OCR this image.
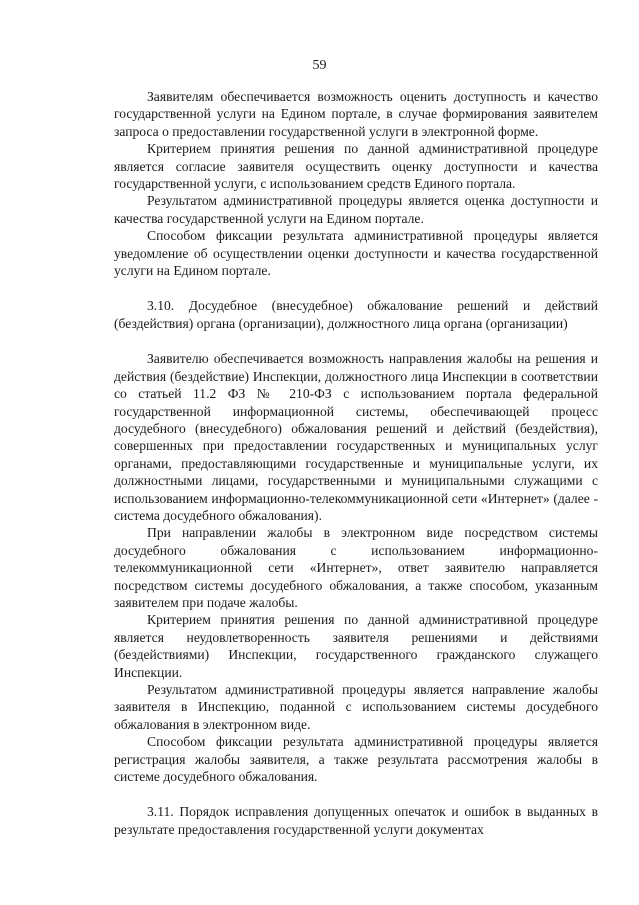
59

Заявителям обеспечивается возможность оценить доступность и качество государственной услуги на Едином портале, в случае формирования заявителем запроса о предоставлении государственной услуги в электронной форме.

Критерием принятия решения по данной административной процедуре является согласие заявителя осуществить оценку доступности и качества государственной услуги, с использованием средств Единого портала.

Результатом административной процедуры является оценка доступности и качества государственной услуги на Едином портале.

Способом фиксации результата административной процедуры является уведомление об осуществлении оценки доступности и качества государственной услуги на Едином портале.

3.10. Досудебное (внесудебное) обжалование решений и действий (бездействия) органа (организации), должностного лица органа (организации)

Заявителю обеспечивается возможность направления жалобы на решения и действия (бездействие) Инспекции, должностного лица Инспекции в соответствии со статьей 11.2 ФЗ № 210-ФЗ с использованием портала федеральной государственной информационной системы, обеспечивающей процесс досудебного (внесудебного) обжалования решений и действий (бездействия), совершенных при предоставлении государственных и муниципальных услуг органами, предоставляющими государственные и муниципальные услуги, их должностными лицами, государственными и муниципальными служащими с использованием информационно-телекоммуникационной сети «Интернет» (далее - система досудебного обжалования).

При направлении жалобы в электронном виде посредством системы досудебного обжалования с использованием информационно-телекоммуникационной сети «Интернет», ответ заявителю направляется посредством системы досудебного обжалования, а также способом, указанным заявителем при подаче жалобы.

Критерием принятия решения по данной административной процедуре является неудовлетворенность заявителя решениями и действиями (бездействиями) Инспекции, государственного гражданского служащего Инспекции.

Результатом административной процедуры является направление жалобы заявителя в Инспекцию, поданной с использованием системы досудебного обжалования в электронном виде.

Способом фиксации результата административной процедуры является регистрация жалобы заявителя, а также результата рассмотрения жалобы в системе досудебного обжалования.

3.11. Порядок исправления допущенных опечаток и ошибок в выданных в результате предоставления государственной услуги документах
